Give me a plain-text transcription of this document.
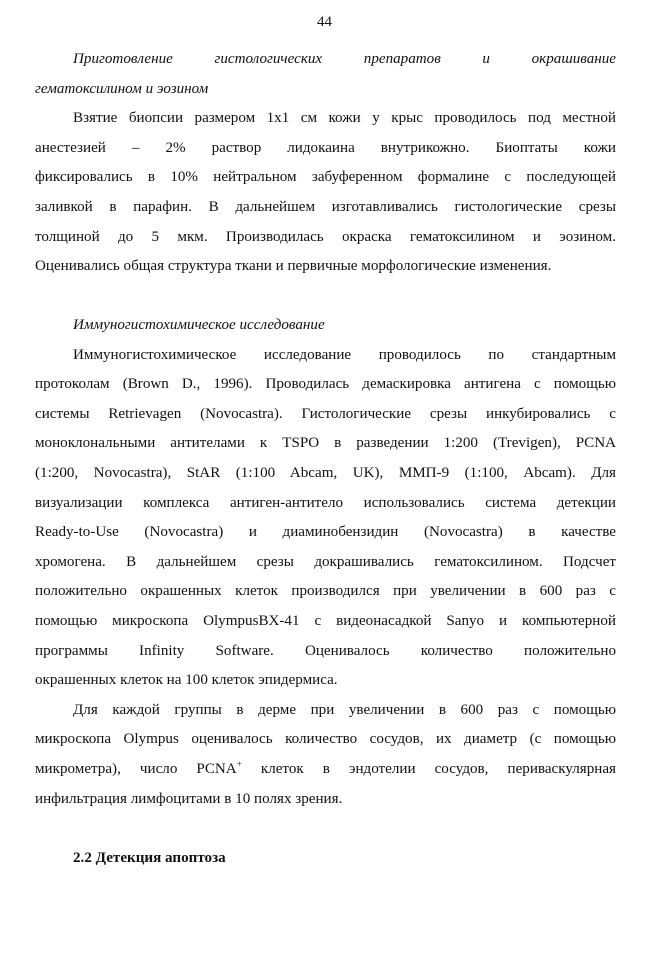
44

Приготовление гистологических препаратов и окрашивание

гематоксилином и эозином

Взятие биопсии размером 1х1 см кожи у крыс проводилось под местной

анестезией – 2% раствор лидокаина внутрикожно. Биоптаты кожи

фиксировались в 10% нейтральном забуференном формалине с последующей

заливкой в парафин. В дальнейшем изготавливались гистологические срезы

толщиной до 5 мкм. Производилась окраска гематоксилином и эозином.

Оценивались общая структура ткани и первичные морфологические изменения.

Иммуногистохимическое исследование

Иммуногистохимическое исследование проводилось по стандартным

протоколам (Brown D., 1996). Проводилась демаскировка антигена с помощью

системы Retrievagen (Novocastra). Гистологические срезы инкубировались с

моноклональными антителами к TSPO в разведении 1:200 (Trevigen), PCNA

(1:200, Novocastra), StAR (1:100 Abcam, UK), ММП-9 (1:100, Abcam). Для

визуализации комплекса антиген-антитело использовались система детекции

Ready-to-Use (Novocastra) и диаминобензидин (Novocastra) в качестве

хромогена. В дальнейшем срезы докрашивались гематоксилином. Подсчет

положительно окрашенных клеток производился при увеличении в 600 раз с

помощью микроскопа OlympusBX-41 с видеонасадкой Sanyo и компьютерной

программы Infinity Software. Оценивалось количество положительно

окрашенных клеток на 100 клеток эпидермиса.

Для каждой группы в дерме при увеличении в 600 раз с помощью

микроскопа Olympus оценивалось количество сосудов, их диаметр (с помощью

микрометра), число PCNA+ клеток в эндотелии сосудов, периваскулярная

инфильтрация лимфоцитами в 10 полях зрения.

2.2 Детекция апоптоза
